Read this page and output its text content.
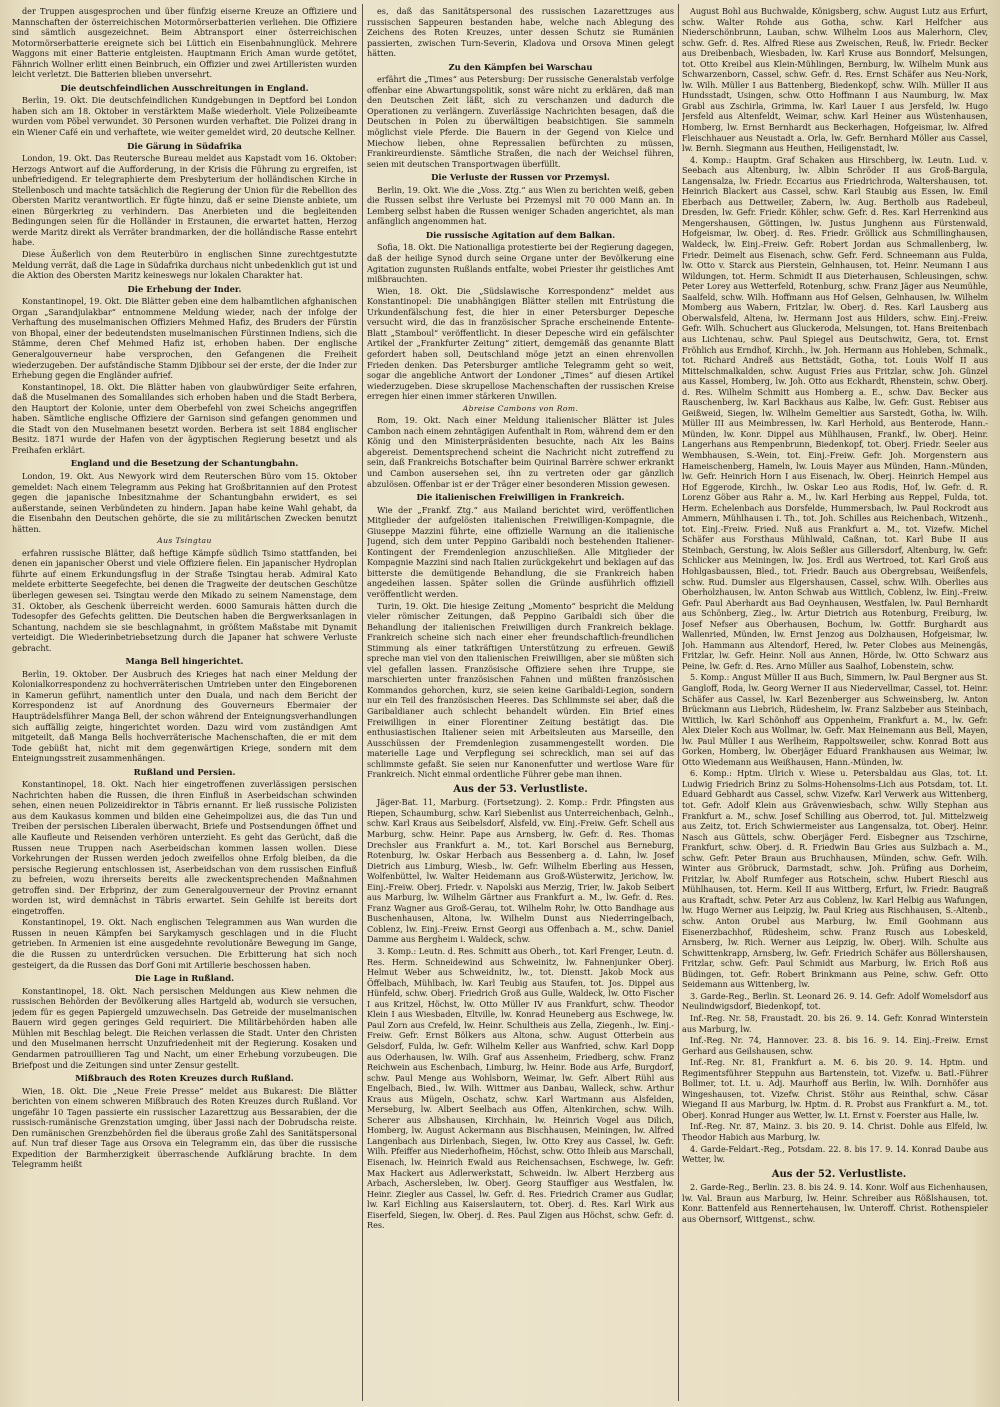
der Truppen ausgesprochen und über fünfzig eiserne Kreuze an Offiziere und Mannschaften der österreichischen Motormörserbatterien verliehen. Die Offiziere sind sämtlich ausgezeichnet. Beim Abtransport einer österreichischen Motormörserbatterie ereignete sich bei Lüttich ein Eisenbahnunglück. Mehrere Waggons mit einer Batterie entgleisten. Hauptmann Erich Aman wurde getötet, Fähnrich Wollner erlitt einen Beinbruch, ein Offizier und zwei Artilleristen wurden leicht verletzt. Die Batterien blieben unversehrt.

Die deutschfeindlichen Ausschreitungen in England.

Berlin, 19. Okt. Die deutschfeindlichen Kundgebungen in Deptford bei London haben sich am 18. Oktober in verstärktem Maße wiederholt. Viele Polizeibeamte wurden vom Pöbel verwundet. 30 Personen wurden verhaftet. Die Polizei drang in ein Wiener Café ein und verhaftete, wie weiter gemeldet wird, 20 deutsche Kellner.

Die Gärung in Südafrika

London, 19. Okt. Das Reutersche Bureau meldet aus Kapstadt vom 16. Oktober: Herzogs Antwort auf die Aufforderung, in der Krisis die Führung zu ergreifen, ist unbefriedigend. Er telegraphierte dem Presbyterium der holländischen Kirche in Stellenbosch und machte tatsächlich die Regierung der Union für die Rebellion des Obersten Maritz verantwortlich. Er fügte hinzu, daß er seine Dienste anbiete, um einen Bürgerkrieg zu verhindern. Das Anerbieten und die begleitenden Bedingungen seien für die Holländer in Erstaunen, die erwartet hatten, Herzog werde Maritz direkt als Verräter brandmarken, der die holländische Rasse entehrt habe.

Diese Äußerlich von dem Reuterbüro in englischen Sinne zurechtgestutzte Meldung verrät, daß die Lage in Südafrika durchaus nicht unbedenklich gut ist und die Aktion des Obersten Maritz keineswegs nur lokalen Charakter hat.

Die Erhebung der Inder.

Konstantinopel, 19. Okt. Die Blätter geben eine dem halbamtlichen afghanischen Organ „Sarandjulakbar“ entnommene Meldung wieder, nach der infolge der Verhaftung des muselmanischen Offiziers Mehmed Hafiz, des Bruders der Fürstin von Bhopal, einer der bedeutendsten muselmanischen Fürstinnen Indiens, sich die Stämme, deren Chef Mehmed Hafiz ist, erhoben haben. Der englische Generalgouverneur habe versprochen, den Gefangenen die Freiheit wiederzugeben. Der aufständische Stamm Djibbour sei der erste, der die Inder zur Erhebung gegen die Engländer aufrief.

Konstantinopel, 18. Okt. Die Blätter haben von glaubwürdiger Seite erfahren, daß die Muselmanen des Somalilandes sich erhoben haben und die Stadt Berbera, den Hauptort der Kolonie, unter dem Oberbefehl von zwei Scheichs angegriffen haben. Sämtliche englische Offiziere der Garnison sind gefangen genommen und die Stadt von den Muselmanen besetzt worden. Berbera ist seit 1884 englischer Besitz. 1871 wurde der Hafen von der ägyptischen Regierung besetzt und als Freihafen erklärt.

England und die Besetzung der Schantungbahn.

London, 19. Okt. Aus Newyork wird dem Reuterschen Büro vom 15. Oktober gemeldet: Nach einem Telegramm aus Peking hat Großbritannien auf den Protest gegen die japanische Inbesitznahme der Schantungbahn erwidert, es sei außerstande, seinen Verbündeten zu hindern. Japan habe keine Wahl gehabt, da die Eisenbahn den Deutschen gehörte, die sie zu militärischen Zwecken benutzt hätten.

Aus Tsingtau

erfahren russische Blätter, daß heftige Kämpfe südlich Tsimo stattfanden, bei denen ein japanischer Oberst und viele Offiziere fielen. Ein japanischer Hydroplan führte auf einem Erkundungsflug in der Straße Tsingtau herab. Admiral Kato meldete erbitterte Seegefechte, bei denen die Tragweite der deutschen Geschütze überlegen gewesen sei. Tsingtau werde den Mikado zu seinem Namenstage, dem 31. Oktober, als Geschenk überreicht werden. 6000 Samurais hätten durch die Todesopfer des Gefechts gelitten. Die Deutschen haben die Bergwerksanlagen in Schantung, nachdem sie sie beschlagnahmt, in größtem Maßstabe mit Dynamit verteidigt. Die Wiederinbetriebsetzung durch die Japaner hat schwere Verluste gebracht.

Manga Bell hingerichtet.

Berlin, 19. Oktober. Der Ausbruch des Krieges hat nach einer Meldung der Kolonialkorrespondenz zu hochverräterischen Umtrieben unter den Eingeborenen in Kamerun geführt, namentlich unter den Duala, und nach dem Bericht der Korrespondenz ist auf Anordnung des Gouverneurs Ebermaier der Haupträdelsführer Manga Bell, der schon während der Enteignungsverhandlungen sich auffällig zeigte, hingerichtet worden. Dazu wird vom zuständigen Amt mitgeteilt, daß Manga Bells hochverräterische Machenschaften, die er mit dem Tode gebüßt hat, nicht mit dem gegenwärtigen Kriege, sondern mit dem Enteignungsstreit zusammenhängen.

Rußland und Persien.

Konstantinopel, 18. Okt. Nach hier eingetroffenen zuverlässigen persischen Nachrichten haben die Russen, die ihren Einfluß in Aserbeidschan schwinden sehen, einen neuen Polizeidirektor in Täbris ernannt. Er ließ russische Polizisten aus dem Kaukasus kommen und bilden eine Geheimpolizei aus, die das Tun und Treiben der persischen Liberalen überwacht, Briefe und Postsendungen öffnet und alle Kaufleute und Reisenden verhören unterzieht. Es geht das Gerücht, daß die Russen neue Truppen nach Aserbeidschan kommen lassen wollen. Diese Vorkehrungen der Russen werden jedoch zweifellos ohne Erfolg bleiben, da die persische Regierung entschlossen ist, Aserbeidschan von dem russischen Einfluß zu befreien, wozu ihrerseits bereits alle zweckentsprechenden Maßnahmen getroffen sind. Der Erbprinz, der zum Generalgouverneur der Provinz ernannt worden ist, wird demnächst in Täbris erwartet. Sein Gehilfe ist bereits dort eingetroffen.

Konstantinopel, 19. Okt. Nach englischen Telegrammen aus Wan wurden die Russen in neuen Kämpfen bei Sarykamysch geschlagen und in die Flucht getrieben. In Armenien ist eine ausgedehnte revolutionäre Bewegung im Gange, die die Russen zu unterdrücken versuchen. Die Erbitterung hat sich noch gesteigert, da die Russen das Dorf Goni mit Artillerie beschossen haben.

Die Lage in Rußland.

Konstantinopel, 18. Okt. Nach persischen Meldungen aus Kiew nehmen die russischen Behörden der Bevölkerung alles Hartgeld ab, wodurch sie versuchen, jedem für es gegen Papiergeld umzuwechseln. Das Getreide der muselmanischen Bauern wird gegen geringes Geld requiriert. Die Militärbehörden haben alle Mühlen mit Beschlag belegt. Die Reichen verlassen die Stadt. Unter den Christen und den Muselmanen herrscht Unzufriedenheit mit der Regierung. Kosaken und Gendarmen patrouillieren Tag und Nacht, um einer Erhebung vorzubeugen. Die Briefpost und die Zeitungen sind unter Zensur gestellt.

Mißbrauch des Roten Kreuzes durch Rußland.

Wien, 18. Okt. Die „Neue Freie Presse“ meldet aus Bukarest: Die Blätter berichten von einem schweren Mißbrauch des Roten Kreuzes durch Rußland. Vor ungefähr 10 Tagen passierte ein russischer Lazarettzug aus Bessarabien, der die russisch-rumänische Grenzstation umging, über Jassi nach der Dobrudscha reiste. Den rumänischen Grenzbehörden fiel die überaus große Zahl des Sanitätspersonal auf. Nun traf dieser Tage aus Orsova ein Telegramm ein, das über die russische Expedition der Barmherzigkeit überraschende Aufklärung brachte. In dem Telegramm heißt

es, daß das Sanitätspersonal des russischen Lazarettzuges aus russischen Sappeuren bestanden habe, welche nach Ablegung des Zeichens des Roten Kreuzes, unter dessen Schutz sie Rumänien passierten, zwischen Turn-Severin, Kladova und Orsova Minen gelegt hätten.

Zu den Kämpfen bei Warschau

erfährt die „Times“ aus Petersburg: Der russische Generalstab verfolge offenbar eine Abwartungspolitik, sonst wäre nicht zu erklären, daß man den Deutschen Zeit läßt, sich zu verschanzen und dadurch die Operationen zu verlängern. Zuverlässige Nachrichten besagen, daß die Deutschen in Polen zu überwältigen beabsichtigen. Sie sammeln möglichst viele Pferde. Die Bauern in der Gegend von Kielce und Miechow lieben, ohne Repressalien befürchten zu müssen, Frankireurdienste. Sämtliche Straßen, die nach der Weichsel führen, seien mit deutschen Transportwagen überfüllt.

Die Verluste der Russen vor Przemysl.

Berlin, 19. Okt. Wie die „Voss. Ztg.“ aus Wien zu berichten weiß, geben die Russen selbst ihre Verluste bei Przemysl mit 70 000 Mann an. In Lemberg selbst haben die Russen weniger Schaden angerichtet, als man anfänglich angenommen hat.

Die russische Agitation auf dem Balkan.

Sofia, 18. Okt. Die Nationalliga protestierte bei der Regierung dagegen, daß der heilige Synod durch seine Organe unter der Bevölkerung eine Agitation zugunsten Rußlands entfalte, wobei Priester ihr geistliches Amt mißbrauchten.

Wien, 18. Okt. Die „Südslawische Korrespondenz“ meldet aus Konstantinopel: Die unabhängigen Blätter stellen mit Entrüstung die Urkundenfälschung fest, die hier in einer Petersburger Depesche versucht wird, die das in französischer Sprache erscheinende Entente-Blatt „Stamboul“ veröffentlicht. In dieser Depesche wird ein gefälschter Artikel der „Frankfurter Zeitung“ zitiert, demgemäß das genannte Blatt gefordert haben soll, Deutschland möge jetzt an einen ehrenvollen Frieden denken. Das Petersburger amtliche Telegramm geht so weit, sogar die angebliche Antwort der Londoner „Times“ auf diesen Artikel wiederzugeben. Diese skrupellose Machenschaften der russischen Kreise erregen hier einen immer stärkeren Unwillen.

Abreise Cambons von Rom.

Rom, 19. Okt. Nach einer Meldung italienischer Blätter ist Jules Cambon nach einem zehntägigen Aufenthalt in Rom, während dem er den König und den Ministerpräsidenten besuchte, nach Aix les Bains abgereist. Dementsprechend scheint die Nachricht nicht zutreffend zu sein, daß Frankreichs Botschafter beim Quirinal Barrère schwer erkrankt und Cambon ausersehen sei, ihn zu vertreten oder gar gänzlich abzulösen. Offenbar ist er der Träger einer besonderen Mission gewesen.

Die italienischen Freiwilligen in Frankreich.

Wie der „Frankf. Ztg.“ aus Mailand berichtet wird, veröffentlichen Mitglieder der aufgelösten italienischen Freiwilligen-Kompagnie, die Giuseppe Mazzini führte, eine offizielle Warnung an die italienische Jugend, sich dem unter Peppino Garibaldi noch bestehenden Italiener-Kontingent der Fremdenlegion anzuschließen. Alle Mitglieder der Kompagnie Mazzini sind nach Italien zurückgekehrt und beklagen auf das bitterste die demütigende Behandlung, die sie Frankreich haben angedeihen lassen. Später sollen die Gründe ausführlich offiziell veröffentlicht werden.

Turin, 19. Okt. Die hiesige Zeitung „Momento“ bespricht die Meldung vieler römischer Zeitungen, daß Peppino Garibaldi sich über die Behandlung der italienischen Freiwilligen durch Frankreich beklage. Frankreich scheine sich nach einer eher freundschaftlich-freundlichen Stimmung als einer tatkräftigen Unterstützung zu erfreuen. Gewiß spreche man viel von den italienischen Freiwilligen, aber sie müßten sich viel gefallen lassen. Französische Offiziere sehen ihre Truppe, sie marschierten unter französischen Fahnen und müßten französischen Kommandos gehorchen, kurz, sie seien keine Garibaldi-Legion, sondern nur ein Teil des französischen Heeres. Das Schlimmste sei aber, daß die Garibaldianer auch schlecht behandelt würden. Ein Brief eines Freiwilligen in einer Florentiner Zeitung bestätigt das. Die enthusiastischen Italiener seien mit Arbeitsleuten aus Marseille, den Ausschüssen der Fremdenlegion zusammengestellt worden. Die materielle Lage und Verpflegung sei schrecklich, man sei auf das schlimmste gefaßt. Sie seien nur Kanonenfutter und wertlose Ware für Frankreich. Nicht einmal ordentliche Führer gebe man ihnen.

Aus der 53. Verlustliste.

Jäger-Bat. 11, Marburg. (Fortsetzung). 2. Komp.: Frdr. Pfingsten aus Riepen, Schaumburg, schw. Karl Siebenlist aus Unterreichenbach, Gelnh., schw. Karl Kraus aus Seibelsdorf, Alsfeld, vw. Einj.-Freiw. Gefr. Schell aus Marburg, schw. Heinr. Pape aus Arnsberg, lw. Gefr. d. Res. Thomas Drechsler aus Frankfurt a. M., tot. Karl Borschel aus Berneburg, Rotenburg, lw. Oskar Herbach aus Bessenberg a. d. Lahn, lw. Josef Dietrich aus Limburg, Wiesb., lw. Gefr. Wilhelm Eberling aus Hessen, Wolfenbüttel, lw. Walter Heidemann aus Groß-Wüsterwitz, Jerichow, lw. Einj.-Freiw. Oberj. Friedr. v. Napolski aus Merzig, Trier, lw. Jakob Seibert aus Marburg, lw. Wilhelm Gärtner aus Frankfurt a. M., lw. Gefr. d. Res. Franz Wagner aus Groß-Gerau, tot. Wilhelm Rohr, lw. Otto Bandhage aus Buschenhausen, Altona, lw. Wilhelm Dunst aus Niederringelbach, Coblenz, lw. Einj.-Freiw. Ernst Georgi aus Offenbach a. M., schw. Daniel Damme aus Bergheim i. Waldeck, schw.

3. Komp.: Leutn. d. Res. Schmitt aus Oberh., tot. Karl Frenger, Leutn. d. Res. Herm. Schneidewind aus Schweinitz, lw. Fahnenjunker Oberj. Helmut Weber aus Schweidnitz, lw., tot. Dienstt. Jakob Mock aus Öffelbach, Mühlbach, lw. Karl Teubig aus Staufen, tot. Jos. Dippel aus Hünfeld, schw. Oberj. Friedrich Groß aus Gulle, Waldeck, lw. Otto Fischer I aus Kritzel, Höchst, lw. Otto Müller IV aus Frankfurt, schw. Theodor Klein I aus Wiesbaden, Eltville, lw. Konrad Heuneberg aus Eschwege, lw. Paul Zorn aus Crefeld, lw. Heinr. Schultheis aus Zella, Ziegenh., lw. Einj.-Freiw. Gefr. Ernst Bölkers aus Altona, schw. August Otterbein aus Gelsdorf, Fulda, lw. Gefr. Wilhelm Keller aus Wanfried, schw. Karl Dopp aus Oderhausen, lw. Wilh. Graf aus Assenheim, Friedberg, schw. Franz Reichwein aus Eschenbach, Limburg, lw. Heinr. Bode aus Arfe, Burgdorf, schw. Paul Menge aus Wohlsborn, Weimar, lw. Gefr. Albert Rühl aus Engelbach, Bied., lw. Wilh. Wittmer aus Danbau, Walleck, schw. Arthur Kraus aus Mügeln, Oschatz, schw. Karl Wartmann aus Alsfelden, Merseburg, lw. Albert Seelbach aus Offen, Altenkirchen, schw. Wilh. Scherer aus Albshausen, Kirchhain, lw. Heinrich Vogel aus Dilich, Homberg, lw. August Ackermann aus Bischhausen, Meiningen, lw. Alfred Langenbach aus Dirlenbach, Siegen, lw. Otto Krey aus Cassel, lw. Gefr. Wilh. Pfeiffer aus Niederhofheim, Höchst, schw. Otto Ihleib aus Marschall, Eisenach, lw. Heinrich Ewald aus Reichensachsen, Eschwege, lw. Gefr. Max Hackert aus Adlerwerkstatt, Schweidn. lw. Albert Herzberg aus Arbach, Aschersleben, lw. Oberj. Georg Stauffiger aus Westfalen, lw. Heinr. Ziegler aus Cassel, lw. Gefr. d. Res. Friedrich Cramer aus Gudlar, lw. Karl Eichling aus Kaiserslautern, tot. Oberj. d. Res. Karl Wirk aus Eiserfeld, Siegen, lw. Oberj. d. Res. Paul Zigen aus Höchst, schw. Gefr. d. Res.

August Bohl aus Buchwalde, Königsberg, schw. August Lutz aus Erfurt, schw. Walter Rohde aus Gotha, schw. Karl Helfcher aus Niederschönbrunn, Lauban, schw. Wilhelm Loos aus Malerhorn, Clev, schw. Gefr. d. Res. Alfred Riese aus Zweischen, Reuß, lw. Friedr. Becker aus Dreibenbach, Wiesbaden, lw. Karl Kruse aus Bonndorf, Melsungen, tot. Otto Kreibel aus Klein-Mühlingen, Bernburg, lw. Wilhelm Munk aus Schwarzenborn, Cassel, schw. Gefr. d. Res. Ernst Schäfer aus Neu-Nork, lw. Wilh. Müller I aus Battenberg, Biedenkopf, schw. Wilh. Müller II aus Hundsstadt, Usingen, schw. Otto Hoffmann I aus Naumburg, lw. Max Grabl aus Zschirla, Grimma, lw. Karl Lauer I aus Jersfeld, lw. Hugo Jersfeld aus Altenfeldt, Weimar, schw. Karl Heiner aus Wüstenhausen, Homberg, lw. Ernst Bernhardt aus Beckerhagen, Hofgeismar, lw. Alfred Fleischhauer aus Neustadt a. Orla, lw. Gefr. Bernhard Möller aus Cassel, lw. Bernh. Siegmann aus Heuthen, Heiligenstadt, lw.

4. Komp.: Hauptm. Graf Schaken aus Hirschberg, lw. Leutn. Lud. v. Seebach aus Altenburg, lw. Albin Schröder II aus Groß-Bargula, Langensalza, lw. Friedr. Eccarius aus Friedrichroda, Waltershausen, tot. Heinrich Blackert aus Cassel, schw. Karl Staubig aus Essen, lw. Emil Eberbach aus Dettweiler, Zabern, lw. Aug. Bertholb aus Radebeul, Dresden, lw. Gefr. Friedr. Köhler, schw. Gefr. d. Res. Karl Herrenkind aus Mengershausen, Göttingen, lw. Justus Junghenn aus Fürstenwald, Hofgeismar, lw. Oberj. d. Res. Friedr. Gröllick aus Schmillinghausen, Waldeck, lw. Einj.-Freiw. Gefr. Robert Jordan aus Schmallenberg, lw. Friedr. Deimelt aus Eisenach, schw. Gefr. Ferd. Schneemann aus Fulda, lw. Otto v. Starck aus Pierstein, Gelnhausen, tot. Heinr. Neumann I aus Wildungen, tot. Herm. Schmidt II aus Dieterhausen, Schleusingen, schw. Peter Lorey aus Wetterfeld, Rotenburg, schw. Franz Jäger aus Neumühle, Saalfeld, schw. Wilh. Hoffmann aus Hof Gelsen, Gelnhausen, lw. Wilhelm Momberg aus Wabern, Fritzlar, lw. Oberj. d. Res. Karl Lausberg aus Oberwalsfeld, Altena, lw. Hermann Jost aus Hilders, schw. Einj.-Freiw. Gefr. Wilh. Schuchert aus Gluckeroda, Melsungen, tot. Hans Breitenbach aus Lichtenau, schw. Paul Spiegel aus Deutschwitz, Gera, tot. Ernst Fröhlich aus Erndhof, Kirchh., lw. Joh. Hermann aus Hohleben, Schmalk., tot. Richard Andreß aus Bettstädt, Gotha, tot. Louis Wolf II aus Mittelschmalkalden, schw. August Fries aus Fritzlar, schw. Joh. Günzel aus Kassel, Homberg, lw. Joh. Otto aus Eckhardt, Rhenstein, schw. Oberj. d. Res. Wilhelm Schmitt aus Homberg a. E., schw. Dav. Becker aus Rauschenberg, lw. Karl Backhaus aus Kalbe, lw. Gefr. Gust. Rebiser aus Geißweid, Siegen, lw. Wilhelm Gemeltier aus Sarstedt, Gotha, lw. Wilh. Müller III aus Meimbressen, lw. Karl Herhold, aus Benterode, Hann.-Münden, lw. Konr. Dippel aus Mühlhausen, Frankf., lw. Oberj. Heinr. Langerhans aus Rempenbrunn, Biedenkopf, tot. Oberj. Friedr. Seeler aus Wembhausen, S.-Wein, tot. Einj.-Freiw. Gefr. Joh. Morgenstern aus Hameischenberg, Hameln, lw. Louis Mayer aus Münden, Hann.-Münden, lw. Gefr. Heinrich Horn I aus Eisenach, lw. Oberj. Heinrich Hempel aus Hof Eggerode, Kirchh., lw. Oskar Leo aus Rodis, Hof, lw. Gefr. d. R. Lorenz Göber aus Rahr a. M., lw. Karl Herbing aus Reppel, Fulda, tot. Herm. Echelenbach aus Dorsfelde, Hummersbach, lw. Paul Rockrodt aus Ammern, Mühlhausen i. Th., tot. Joh. Schilles aus Reichenbach, Witzenh., tot. Einj.-Freiw. Fried. Nuß aus Frankfurt a. M., tot. Vizefw. Michel Schäfer aus Forsthaus Mühlwald, Caßnan, tot. Karl Bube II aus Steinbach, Gerstung, lw. Alois Seßler aus Gillersdorf, Altenburg, lw. Gefr. Schlicker aus Meiningen, lw. Jos. Erdl aus Wertroed, tot. Karl Groß aus Hohlgasbaussen, Bled., tot. Friedr. Bauch aus Obergrebsau, Weißenfels, schw. Rud. Dumsler aus Elgershausen, Cassel, schw. Wilh. Oberlies aus Oberholzhausen, lw. Anton Schwab aus Wittlich, Coblenz, lw. Einj.-Freiw. Gefr. Paul Aberhardt aus Bad Oeynhausen, Westfalen, lw. Paul Bernhardt aus Schönberg, Zieg., lw. Artur Dietrich aus Rotenburg, Freiburg, lw. Josef Nefser aus Oberhausen, Bochum, lw. Gottfr. Burghardt aus Wallenried, Münden, lw. Ernst Jenzog aus Dolzhausen, Hofgeismar, lw. Joh. Hammann aus Altendorf, Hered, lw. Peter Clobes aus Meinengäs, Fritzlar, lw. Gefr. Heinr. Noll aus Annen, Hörde, lw. Otto Schwarz aus Peine, lw. Gefr. d. Res. Arno Müller aus Saalhof, Lobenstein, schw.

5. Komp.: Angust Müller II aus Buch, Simmern, lw. Paul Bergner aus St. Gangloff, Roda, lw. Georg Werner II aus Niedervellmar, Cassel, tot. Heinr. Schäfer aus Cassel, lw. Karl Bezenberger aus Schweinsberg, lw. Anton Brückmann aus Liebrich, Rüdesheim, lw. Franz Salzbeber aus Steinbach, Wittlich, lw. Karl Schönhoff aus Oppenheim, Frankfurt a. M., lw. Gefr. Alex Dieler Koch aus Wollmar, lw. Gefr. Max Heinemann aus Bell, Mayen, lw. Paul Müller I aus Werlheim, Rappoltsweiler, schw. Konrad Bott aus Gorken, Homberg, lw. Oberjäger Eduard Frankhausen aus Weimar, lw. Otto Wiedemann aus Weißhausen, Hann.-Münden, lw.

6. Komp.: Hptm. Ulrich v. Wiese u. Petersbaldau aus Glas, tot. Lt. Ludwig Friedrich Brinz zu Solms-Hohensolms-Lich aus Potsdam, tot. Lt. Eduard Gebhardt aus Cassel, schw. Vizefw. Karl Verwerk aus Wittenberg, tot. Gefr. Adolf Klein aus Grävenwiesbach, schw. Willy Stephan aus Frankfurt a. M., schw. Josef Schilling aus Oberrod, tot. Jul. Mittelzweig aus Zeitz, tot. Erich Schwiermeister aus Langensalza, tot. Oberj. Heinr. Nasch aus Güttels, schw. Oberjäger Ferd. Eisbegner aus Tzschirne, Frankfurt, schw. Oberj. d. R. Friedwin Bau Gries aus Sulzbach a. M., schw. Gefr. Peter Braun aus Bruchhausen, Münden, schw. Gefr. Wilh. Winter aus Gröbruck, Darmstadt, schw. Joh. Prüfing aus Dorheim, Fritzlar, lw. Abolf Rumfeger aus Rotschein, schw. Hubert Rieschl aus Mühlhausen, tot. Herm. Keil II aus Wittberg, Erfurt, lw. Friedr. Baugraß aus Kraftadt, schw. Peter Arz aus Coblenz, lw. Karl Helbig aus Wafungen, lw. Hugo Werner aus Leipzig, lw. Paul Krieg aus Rischhausen, S.-Altenb., schw. Anton Orubel aus Marburg, lw. Emil Goohmann aus Eisenerzbachhof, Rüdesheim, schw. Franz Rusch aus Lobeskeld, Arnsberg, lw. Rich. Werner aus Leipzig, lw. Oberj. Wilh. Schulte aus Schwittenkrapp, Arnsberg, lw. Gefr. Friedrich Schäfer aus Böllershausen, Fritzlar, schw. Gefr. Paul Schmidt aus Marburg, lw. Erich Roß aus Büdingen, tot. Gefr. Robert Brinkmann aus Peine, schw. Gefr. Otto Seidemann aus Wittenberg, lw.

3. Garde-Reg., Berlin. St. Leonard 26. 9. 14. Gefr. Adolf Womelsdorf aus Neulindwigsdorf, Biedenkopf, tot.

Inf.-Reg. Nr. 58, Fraustadt. 20. bis 26. 9. 14. Gefr. Konrad Winterstein aus Marburg, lw.

Inf.-Reg. Nr. 74, Hannover. 23. 8. bis 16. 9. 14. Einj.-Freiw. Ernst Gerhard aus Geilshausen, schw.

Inf.-Reg. Nr. 81, Frankfurt a. M. 6. bis 20. 9. 14. Hptm. und Regimentsführer Steppuhn aus Bartenstein, tot. Vizefw. u. Batl.-Führer Bollmer, tot. Lt. u. Adj. Maurhoff aus Berlin, lw. Wilh. Dornhöfer aus Wingeshausen, tot. Vizefw. Christ. Stöhr aus Reinthal, schw. Cäsar Wiegand II aus Marburg, lw. Hptm. d. R. Probst aus Frankfurt a. M., tot. Oberj. Konrad Hunger aus Wetter, lw. Lt. Ernst v. Foerster aus Halle, lw.

Inf.-Reg. Nr. 87, Mainz. 3. bis 20. 9. 14. Christ. Dohle aus Elfeld, lw. Theodor Habich aus Marburg, lw.

4. Garde-Feldart.-Reg., Potsdam. 22. 8. bis 17. 9. 14. Konrad Daube aus Wetter, lw.

Aus der 52. Verlustliste.

2. Garde-Reg., Berlin. 23. 8. bis 24. 9. 14. Konr. Wolf aus Eichenhausen, lw. Val. Braun aus Marburg, lw. Heinr. Schreiber aus Rößlshausen, tot. Konr. Battenfeld aus Rennertehausen, lw. Unteroff. Christ. Rothenspieler aus Obernsorf, Wittgenst., schw.
